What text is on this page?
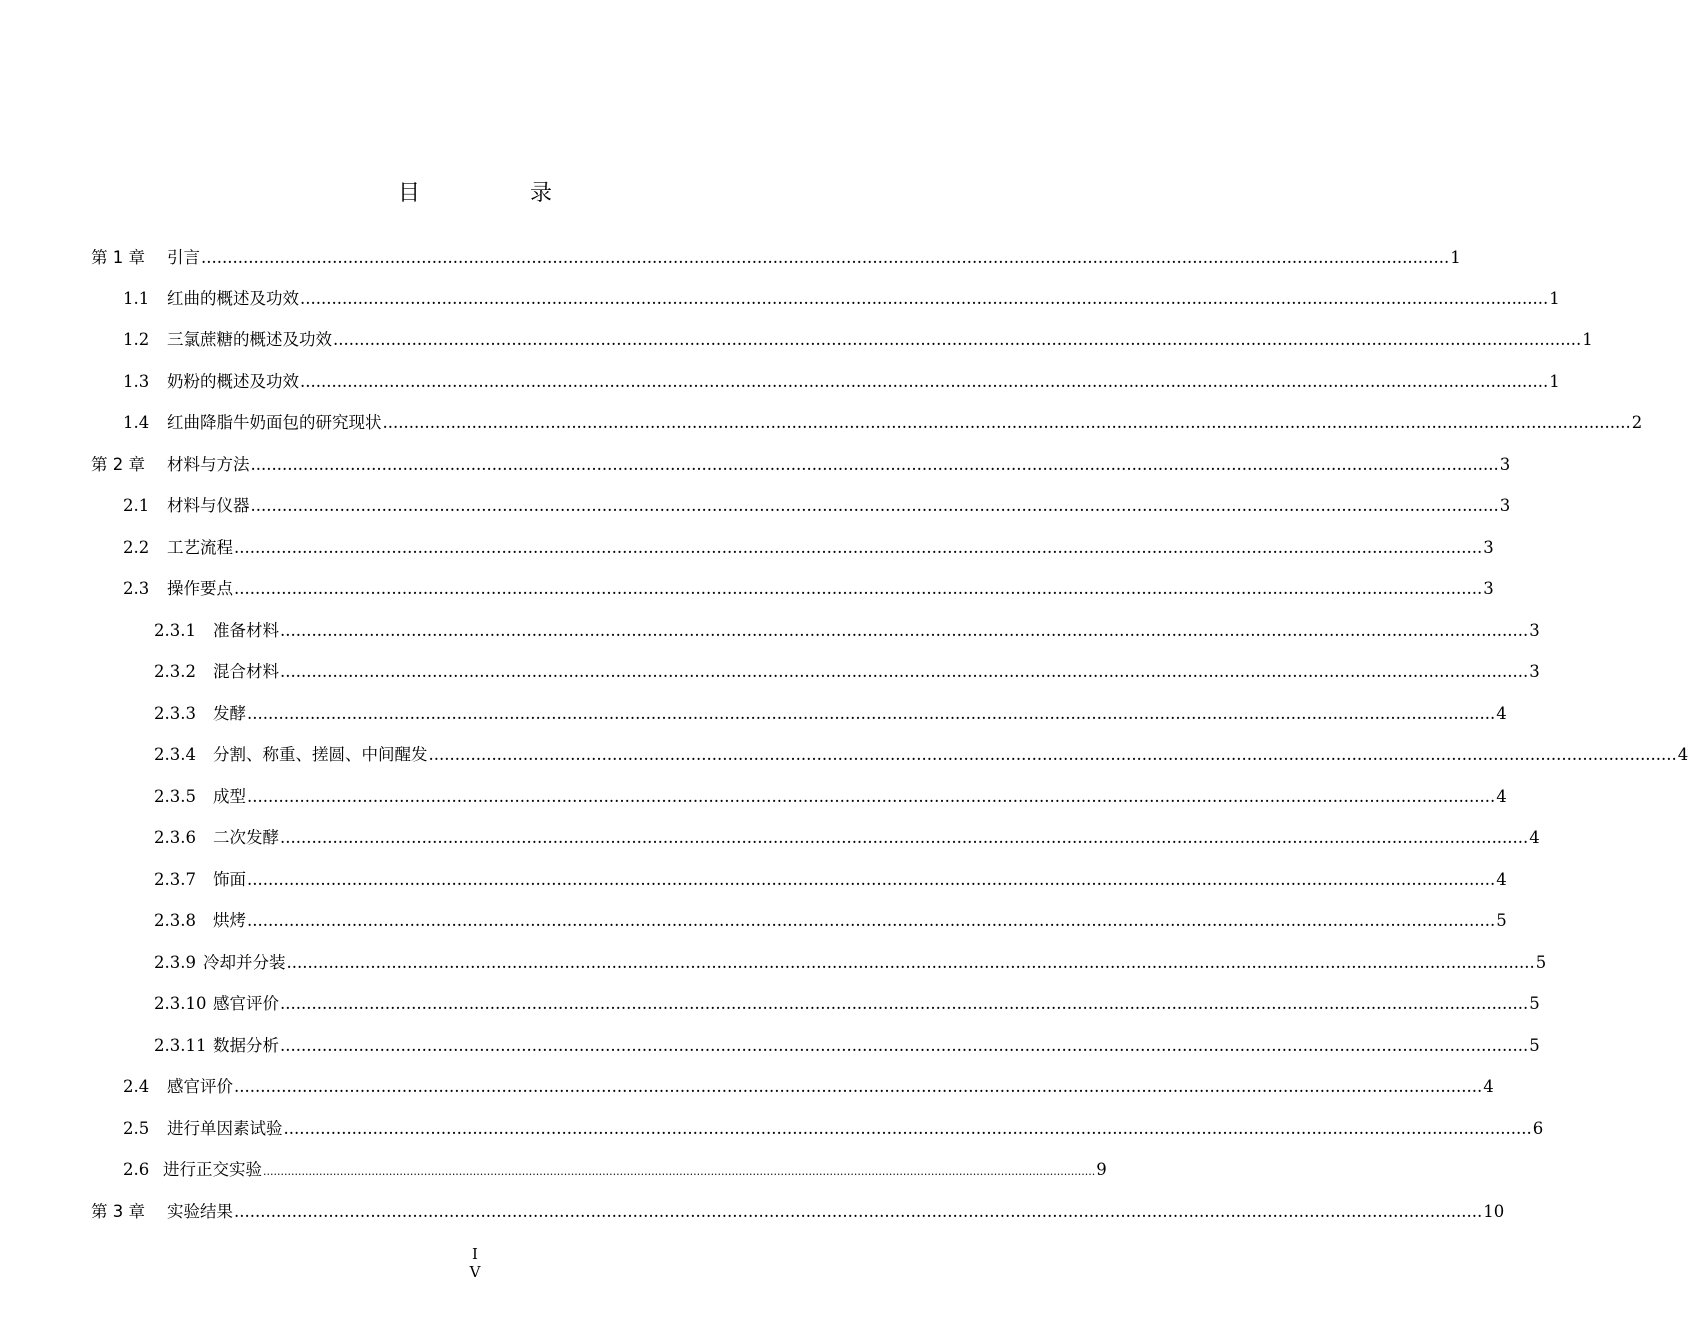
目　录
第 1 章	引言 .....	1
1.1	红曲的概述及功效 .....	1
1.2	三氯蔗糖的概述及功效 .....	1
1.3	奶粉的概述及功效 .....	1
1.4	红曲降脂牛奶面包的研究现状 .....	2
第 2 章	材料与方法 .....	3
2.1	材料与仪器 .....	3
2.2	工艺流程 .....	3
2.3	操作要点 .....	3
2.3.1	准备材料 .....	3
2.3.2	混合材料 .....	3
2.3.3	发酵 .....	4
2.3.4	分割、称重、搓圆、中间醒发 .....	4
2.3.5	成型 .....	4
2.3.6	二次发酵 .....	4
2.3.7	饰面 .....	4
2.3.8	烘烤 .....	5
2.3.9 冷却并分装 .....	5
2.3.10 感官评价 .....	5
2.3.11 数据分析 .....	5
2.4	感官评价 .....	4
2.5	进行单因素试验 .....	6
2.6 进行正交实验 .....	9
第 3 章	实验结果 .....	10
I
V
